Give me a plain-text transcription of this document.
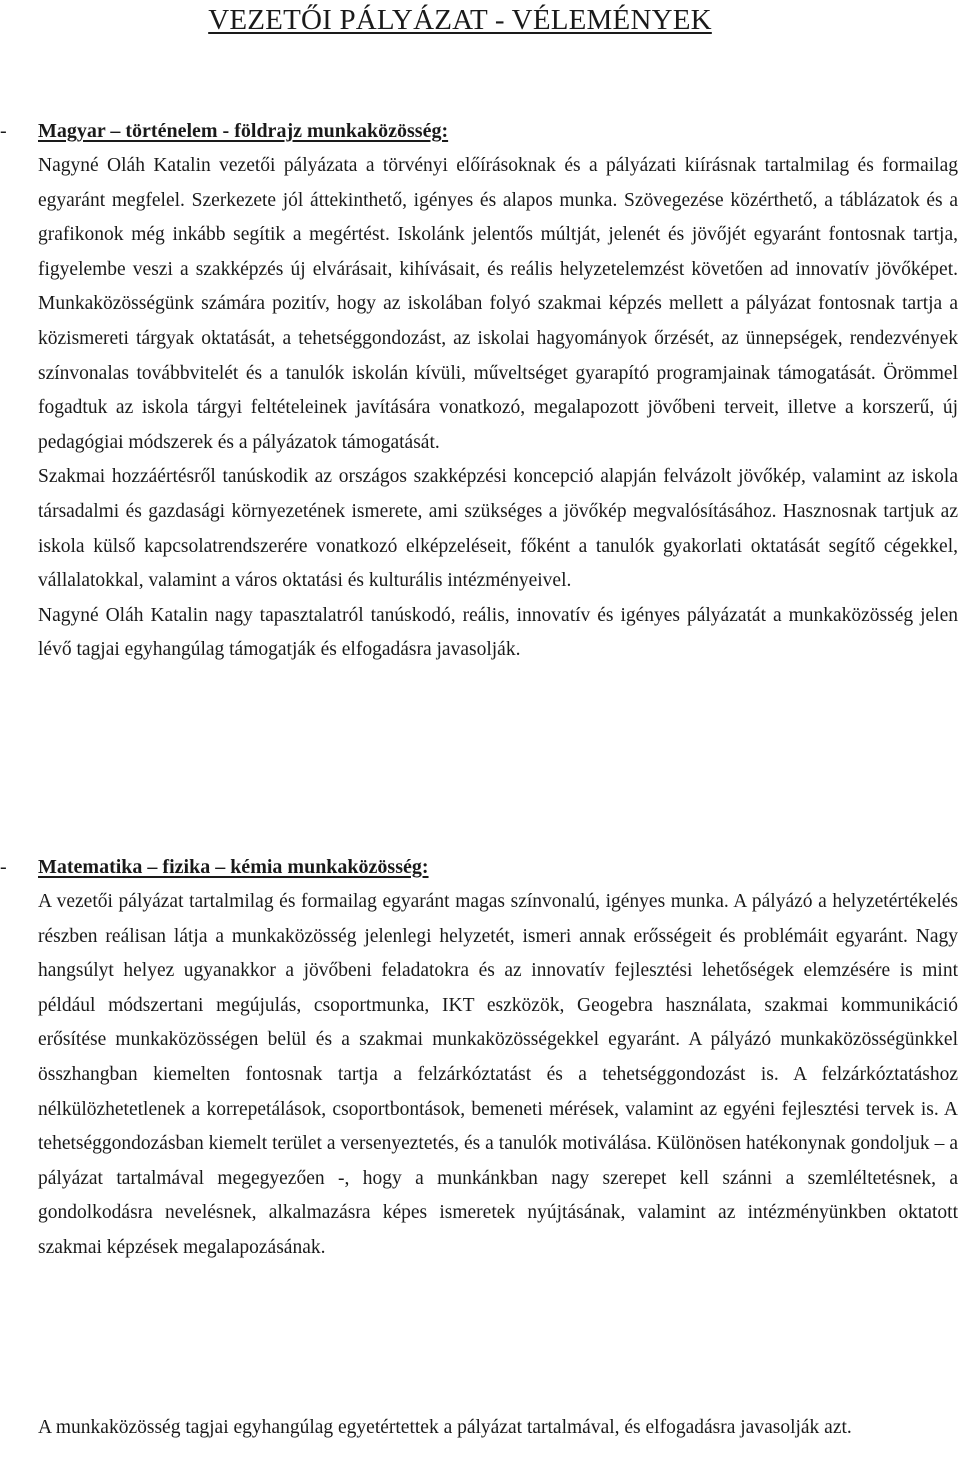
VEZETŐI PÁLYÁZAT - VÉLEMÉNYEK
- Magyar – történelem - földrajz munkaközösség:

Nagyné Oláh Katalin vezetői pályázata a törvényi előírásoknak és a pályázati kiírásnak tartalmilag és formailag egyaránt megfelel. Szerkezete jól áttekinthető, igényes és alapos munka. Szövegezése közérthető, a táblázatok és a grafikonok még inkább segítik a megértést. Iskolánk jelentős múltját, jelenét és jövőjét egyaránt fontosnak tartja, figyelembe veszi a szakképzés új elvárásait, kihívásait, és reális helyzetelemzést követően ad innovatív jövőképet. Munkaközösségünk számára pozitív, hogy az iskolában folyó szakmai képzés mellett a pályázat fontosnak tartja a közismereti tárgyak oktatását, a tehetséggondozást, az iskolai hagyományok őrzését, az ünnepségek, rendezvények színvonalas továbbvitelét és a tanulók iskolán kívüli, műveltséget gyarapító programjainak támogatását. Örömmel fogadtuk az iskola tárgyi feltételeinek javítására vonatkozó, megalapozott jövőbeni terveit, illetve a korszerű, új pedagógiai módszerek és a pályázatok támogatását.

Szakmai hozzáértésről tanúskodik az országos szakképzési koncepció alapján felvázolt jövőkép, valamint az iskola társadalmi és gazdasági környezetének ismerete, ami szükséges a jövőkép megvalósításához. Hasznosnak tartjuk az iskola külső kapcsolatrendszerére vonatkozó elképzeléseit, főként a tanulók gyakorlati oktatását segítő cégekkel, vállalatokkal, valamint a város oktatási és kulturális intézményeivel.

Nagyné Oláh Katalin nagy tapasztalatról tanúskodó, reális, innovatív és igényes pályázatát a munkaközösség jelen lévő tagjai egyhangúlag támogatják és elfogadásra javasolják.

- Matematika – fizika – kémia munkaközösség:

A vezetői pályázat tartalmilag és formailag egyaránt magas színvonalú, igényes munka. A pályázó a helyzetértékelés részben reálisan látja a munkaközösség jelenlegi helyzetét, ismeri annak erősségeit és problémáit egyaránt. Nagy hangsúlyt helyez ugyanakkor a jövőbeni feladatokra és az innovatív fejlesztési lehetőségek elemzésére is mint például módszertani megújulás, csoportmunka, IKT eszközök, Geogebra használata, szakmai kommunikáció erősítése munkaközösségen belül és a szakmai munkaközösségekkel egyaránt. A pályázó munkaközösségünkkel összhangban kiemelten fontosnak tartja a felzárkóztatást és a tehetséggondozást is. A felzárkóztatáshoz nélkülözhetetlenek a korrepetálások, csoportbontások, bemeneti mérések, valamint az egyéni fejlesztési tervek is. A tehetséggondozásban kiemelt terület a versenyeztetés, és a tanulók motiválása. Különösen hatékonynak gondoljuk – a pályázat tartalmával megegyezően -, hogy a munkánkban nagy szerepet kell szánni a szemléltetésnek, a gondolkodásra nevelésnek, alkalmazásra képes ismeretek nyújtásának, valamint az intézményünkben oktatott szakmai képzések megalapozásának.

A munkaközösség tagjai egyhangúlag egyetértettek a pályázat tartalmával, és elfogadásra javasolják azt.
